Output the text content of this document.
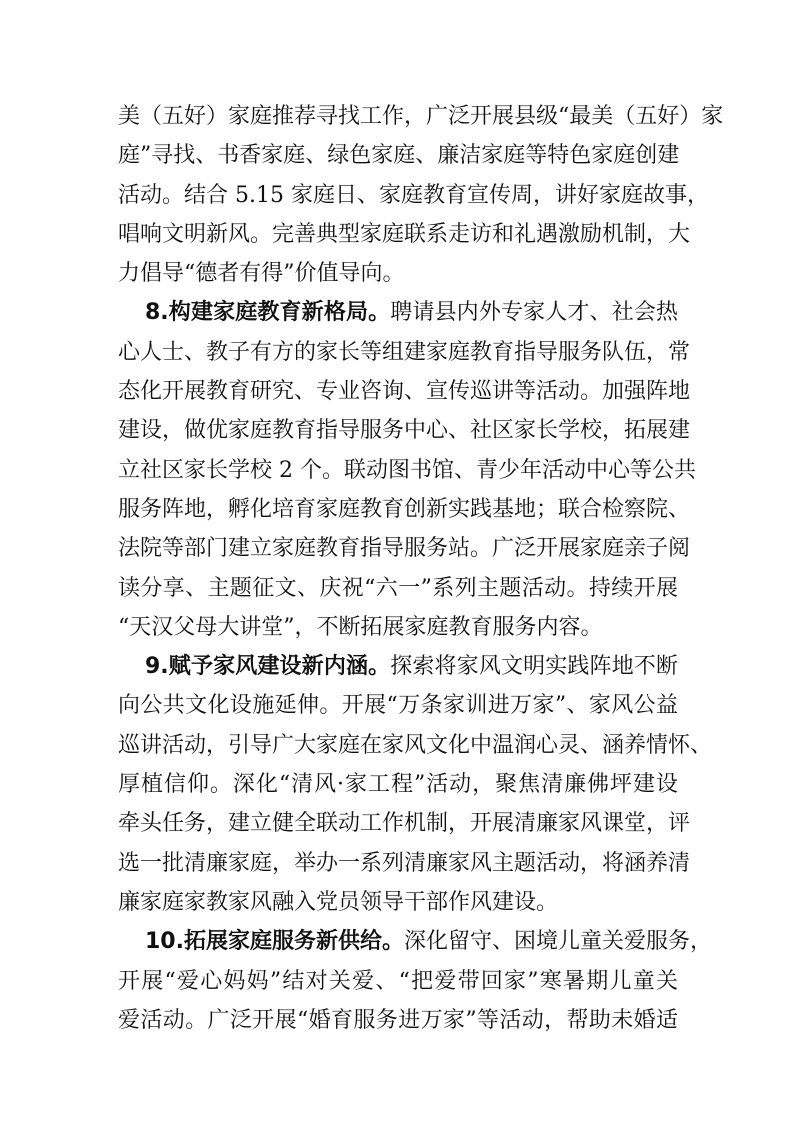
美（五好）家庭推荐寻找工作，广泛开展县级“最美（五好）家
庭”寻找、书香家庭、绿色家庭、廉洁家庭等特色家庭创建
活动。结合 5.15 家庭日、家庭教育宣传周，讲好家庭故事，
唱响文明新风。完善典型家庭联系走访和礼遇激励机制，大
力倡导“德者有得”价值导向。
8.构建家庭教育新格局。聘请县内外专家人才、社会热
心人士、教子有方的家长等组建家庭教育指导服务队伍，常
态化开展教育研究、专业咨询、宣传巡讲等活动。加强阵地
建设，做优家庭教育指导服务中心、社区家长学校，拓展建
立社区家长学校 2 个。联动图书馆、青少年活动中心等公共
服务阵地，孵化培育家庭教育创新实践基地；联合检察院、
法院等部门建立家庭教育指导服务站。广泛开展家庭亲子阅
读分享、主题征文、庆祝“六一”系列主题活动。持续开展
“天汉父母大讲堂”，不断拓展家庭教育服务内容。
9.赋予家风建设新内涵。探索将家风文明实践阵地不断
向公共文化设施延伸。开展“万条家训进万家”、家风公益
巡讲活动，引导广大家庭在家风文化中温润心灵、涵养情怀、
厚植信仰。深化“清风·家工程”活动，聚焦清廉佛坪建设
牵头任务，建立健全联动工作机制，开展清廉家风课堂，评
选一批清廉家庭，举办一系列清廉家风主题活动，将涵养清
廉家庭家教家风融入党员领导干部作风建设。
10.拓展家庭服务新供给。深化留守、困境儿童关爱服务，
开展“爱心妈妈”结对关爱、“把爱带回家”寒暑期儿童关
爱活动。广泛开展“婚育服务进万家”等活动，帮助未婚适
